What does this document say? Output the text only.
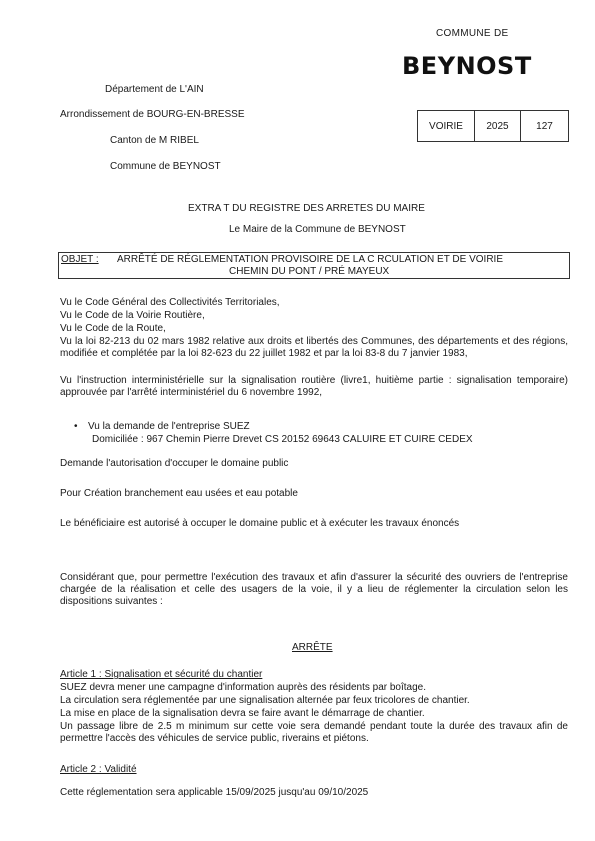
COMMUNE DE
BEYNOST
Département de L'AIN
Arrondissement de BOURG-EN-BRESSE
Canton de M RIBEL
Commune de BEYNOST
VOIRIE	2025	127
EXTRA T DU REGISTRE DES ARRETES DU MAIRE
Le Maire de la Commune de BEYNOST
OBJET : ARRÊTÉ DE RÉGLEMENTATION PROVISOIRE DE LA C RCULATION ET DE VOIRIE
CHEMIN DU PONT / PRÉ MAYEUX
Vu le Code Général des Collectivités Territoriales,
Vu le Code de la Voirie Routière,
Vu le Code de la Route,
Vu la loi 82-213 du 02 mars 1982 relative aux droits et libertés des Communes, des départements et des régions, modifiée et complétée par la loi 82-623 du 22 juillet 1982 et par la loi 83-8 du 7 janvier 1983,
Vu l'instruction interministérielle sur la signalisation routière (livre1, huitième partie : signalisation temporaire) approuvée par l'arrêté interministériel du 6 novembre 1992,
• Vu la demande de l'entreprise SUEZ
Domiciliée : 967 Chemin Pierre Drevet CS 20152 69643 CALUIRE ET CUIRE CEDEX
Demande l'autorisation d'occuper le domaine public
Pour Création branchement eau usées et eau potable
Le bénéficiaire est autorisé à occuper le domaine public et à exécuter les travaux énoncés
Considérant que, pour permettre l'exécution des travaux et afin d'assurer la sécurité des ouvriers de l'entreprise chargée de la réalisation et celle des usagers de la voie, il y a lieu de réglementer la circulation selon les dispositions suivantes :
ARRÊTE
Article 1 : Signalisation et sécurité du chantier
SUEZ devra mener une campagne d'information auprès des résidents par boîtage.
La circulation sera réglementée par une signalisation alternée par feux tricolores de chantier.
La mise en place de la signalisation devra se faire avant le démarrage de chantier.
Un passage libre de 2.5 m minimum sur cette voie sera demandé pendant toute la durée des travaux afin de permettre l'accès des véhicules de service public, riverains et piétons.
Article 2 : Validité
Cette réglementation sera applicable 15/09/2025 jusqu'au 09/10/2025
